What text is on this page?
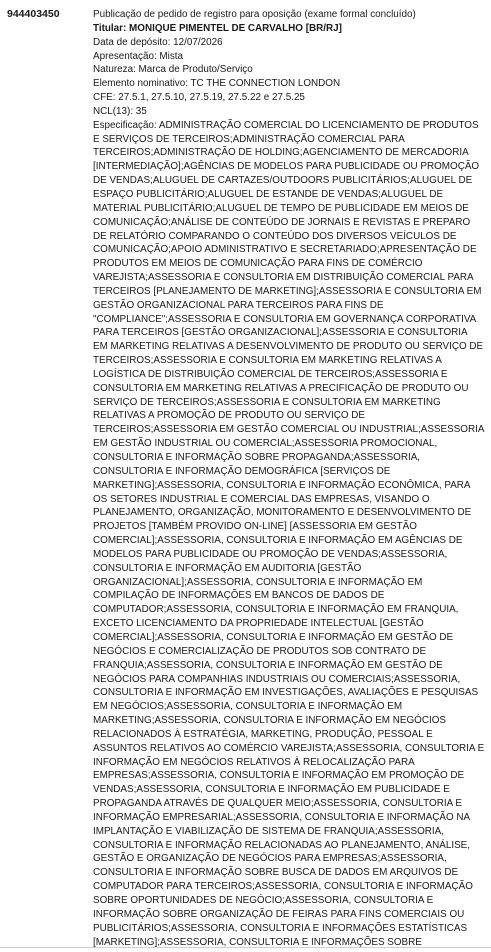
944403450	Publicação de pedido de registro para oposição (exame formal concluído)
Titular: MONIQUE PIMENTEL DE CARVALHO [BR/RJ]
Data de depósito: 12/07/2026
Apresentação: Mista
Natureza: Marca de Produto/Serviço
Elemento nominativo: TC THE CONNECTION LONDON
CFE: 27.5.1, 27.5.10, 27.5.19, 27.5.22 e 27.5.25
NCL(13): 35
Especificação: ADMINISTRAÇÃO COMERCIAL DO LICENCIAMENTO DE PRODUTOS
E SERVIÇOS DE TERCEIROS;ADMINISTRAÇÃO COMERCIAL PARA
TERCEIROS;ADMINISTRAÇÃO DE HOLDING;AGENCIAMENTO DE MERCADORIA
[INTERMEDIAÇÃO];AGÊNCIAS DE MODELOS PARA PUBLICIDADE OU PROMOÇÃO
DE VENDAS;ALUGUEL DE CARTAZES/OUTDOORS PUBLICITÁRIOS;ALUGUEL DE
ESPAÇO PUBLICITÁRIO;ALUGUEL DE ESTANDE DE VENDAS;ALUGUEL DE
MATERIAL PUBLICITÁRIO;ALUGUEL DE TEMPO DE PUBLICIDADE EM MEIOS DE
COMUNICAÇÃO;ANÁLISE DE CONTEÚDO DE JORNAIS E REVISTAS E PREPARO
DE RELATÓRIO COMPARANDO O CONTEÚDO DOS DIVERSOS VEÍCULOS DE
COMUNICAÇÃO;APOIO ADMINISTRATIVO E SECRETARIADO;APRESENTAÇÃO DE
PRODUTOS EM MEIOS DE COMUNICAÇÃO PARA FINS DE COMÉRCIO
VAREJISTA;ASSESSORIA E CONSULTORIA EM DISTRIBUIÇÃO COMERCIAL PARA
TERCEIROS [PLANEJAMENTO DE MARKETING];ASSESSORIA E CONSULTORIA EM
GESTÃO ORGANIZACIONAL PARA TERCEIROS PARA FINS DE
"COMPLIANCE";ASSESSORIA E CONSULTORIA EM GOVERNANÇA CORPORATIVA
PARA TERCEIROS [GESTÃO ORGANIZACIONAL];ASSESSORIA E CONSULTORIA
EM MARKETING RELATIVAS A DESENVOLVIMENTO DE PRODUTO OU SERVIÇO DE
TERCEIROS;ASSESSORIA E CONSULTORIA EM MARKETING RELATIVAS A
LOGÍSTICA DE DISTRIBUIÇÃO COMERCIAL DE TERCEIROS;ASSESSORIA E
CONSULTORIA EM MARKETING RELATIVAS A PRECIFICAÇÃO DE PRODUTO OU
SERVIÇO DE TERCEIROS;ASSESSORIA E CONSULTORIA EM MARKETING
RELATIVAS A PROMOÇÃO DE PRODUTO OU SERVIÇO DE
TERCEIROS;ASSESSORIA EM GESTÃO COMERCIAL OU INDUSTRIAL;ASSESSORIA
EM GESTÃO INDUSTRIAL OU COMERCIAL;ASSESSORIA PROMOCIONAL,
CONSULTORIA E INFORMAÇÃO SOBRE PROPAGANDA;ASSESSORIA,
CONSULTORIA E INFORMAÇÃO DEMOGRÁFICA [SERVIÇOS DE
MARKETING];ASSESSORIA, CONSULTORIA E INFORMAÇÃO ECONÔMICA, PARA
OS SETORES INDUSTRIAL E COMERCIAL DAS EMPRESAS, VISANDO O
PLANEJAMENTO, ORGANIZAÇÃO, MONITORAMENTO E DESENVOLVIMENTO DE
PROJETOS [TAMBÉM PROVIDO ON-LINE] [ASSESSORIA EM GESTÃO
COMERCIAL];ASSESSORIA, CONSULTORIA E INFORMAÇÃO EM AGÊNCIAS DE
MODELOS PARA PUBLICIDADE OU PROMOÇÃO DE VENDAS;ASSESSORIA,
CONSULTORIA E INFORMAÇÃO EM AUDITORIA [GESTÃO
ORGANIZACIONAL];ASSESSORIA, CONSULTORIA E INFORMAÇÃO EM
COMPILAÇÃO DE INFORMAÇÕES EM BANCOS DE DADOS DE
COMPUTADOR;ASSESSORIA, CONSULTORIA E INFORMAÇÃO EM FRANQUIA,
EXCETO LICENCIAMENTO DA PROPRIEDADE INTELECTUAL [GESTÃO
COMERCIAL];ASSESSORIA, CONSULTORIA E INFORMAÇÃO EM GESTÃO DE
NEGÓCIOS E COMERCIALIZAÇÃO DE PRODUTOS SOB CONTRATO DE
FRANQUIA;ASSESSORIA, CONSULTORIA E INFORMAÇÃO EM GESTÃO DE
NEGÓCIOS PARA COMPANHIAS INDUSTRIAIS OU COMERCIAIS;ASSESSORIA,
CONSULTORIA E INFORMAÇÃO EM INVESTIGAÇÕES, AVALIAÇÕES E PESQUISAS
EM NEGÓCIOS;ASSESSORIA, CONSULTORIA E INFORMAÇÃO EM
MARKETING;ASSESSORIA, CONSULTORIA E INFORMAÇÃO EM NEGÓCIOS
RELACIONADOS À ESTRATÉGIA, MARKETING, PRODUÇÃO, PESSOAL E
ASSUNTOS RELATIVOS AO COMÉRCIO VAREJISTA;ASSESSORIA, CONSULTORIA E
INFORMAÇÃO EM NEGÓCIOS RELATIVOS À RELOCALIZAÇÃO PARA
EMPRESAS;ASSESSORIA, CONSULTORIA E INFORMAÇÃO EM PROMOÇÃO DE
VENDAS;ASSESSORIA, CONSULTORIA E INFORMAÇÃO EM PUBLICIDADE E
PROPAGANDA ATRAVÉS DE QUALQUER MEIO;ASSESSORIA, CONSULTORIA E
INFORMAÇÃO EMPRESARIAL;ASSESSORIA, CONSULTORIA E INFORMAÇÃO NA
IMPLANTAÇÃO E VIABILIZAÇÃO DE SISTEMA DE FRANQUIA;ASSESSORIA,
CONSULTORIA E INFORMAÇÃO RELACIONADAS AO PLANEJAMENTO, ANÁLISE,
GESTÃO E ORGANIZAÇÃO DE NEGÓCIOS PARA EMPRESAS;ASSESSORIA,
CONSULTORIA E INFORMAÇÃO SOBRE BUSCA DE DADOS EM ARQUIVOS DE
COMPUTADOR PARA TERCEIROS;ASSESSORIA, CONSULTORIA E INFORMAÇÃO
SOBRE OPORTUNIDADES DE NEGÓCIO;ASSESSORIA, CONSULTORIA E
INFORMAÇÃO SOBRE ORGANIZAÇÃO DE FEIRAS PARA FINS COMERCIAIS OU
PUBLICITÁRIOS;ASSESSORIA, CONSULTORIA E INFORMAÇÕES ESTATÍSTICAS
[MARKETING];ASSESSORIA, CONSULTORIA E INFORMAÇÕES SOBRE
